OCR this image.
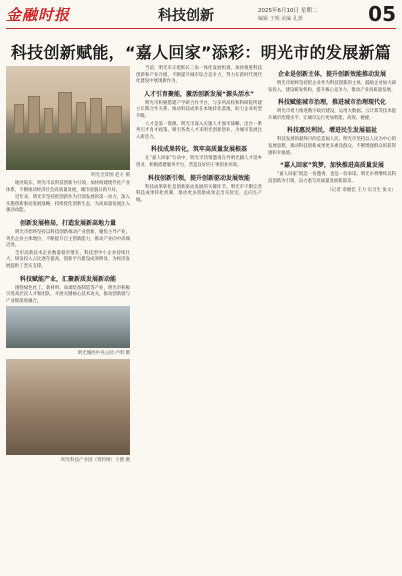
金融时报	科技创新	2025年6月10日 星期二
编辑 王明 美编 孔蕾	05
科技创新赋能，“嘉人回家”添彩：明光市的发展新篇
明光全景图 赵方 摄

地处皖东，明光市以科技创新为引领，加快构建现代化产业体系，不断推动经济社会高质量发展，城市面貌日新月异。

近年来，明光市坚持把创新作为引领发展的第一动力，深入实施创新驱动发展战略，持续优化创新生态，为高质量发展注入强劲动能。

创新发展格局，打造发展新高地力量

明光市始终坚持以科技创新推动产业创新，聚焦主导产业，突出企业主体地位，不断提升自主创新能力，推动产业向中高端迈进。

全市高新技术企业数量稳步增长，科技型中小企业持续壮大，研发投入占比逐年提高，创新平台建设成效明显，为经济发展提供了坚实支撑。

科技赋能产业，汇聚新质发展新动能

围绕绿色化工、新材料、高端装备制造等产业，明光市积极引进高层次人才和团队，开展关键核心技术攻关，推动创新链与产业链深度融合。

明光城西中央公园 卢明 摄
明光科技产业园（资料图）王德 摄

当前，明光市正抢抓长三角一体化发展机遇，加快推进科技创新和产业升级，不断提升城市综合竞争力，努力在新时代现代化建设中展现新作为。

人才引育聚能，激活创新发展“源头活水”

明光市积极搭建产学研合作平台，与多所高校和科研院所建立长期合作关系，推动科技成果在本地转化落地，助力企业转型升级。

人才是第一资源。明光市深入实施人才强市战略，出台一系列引才育才政策，吸引各类人才来明光创新创业，为城市发展注入新活力。

科技成果转化，筑牢高质量发展根基

在“嘉人回家”行动中，明光市热情邀请在外明光籍人才返乡创业，积极搭建服务平台，营造良好的干事创业环境。

科技创新引领，提升创新驱动发展效能

科技成果转化是创新驱动发展的关键环节。明光市不断完善科技成果转化机制，推动更多创新成果走出实验室、走向生产线。

企业是创新主体，提升创新效能推动发展

明光市始终坚持把企业作为科技创新的主体，鼓励企业加大研发投入，建设研发机构，提升核心竞争力，推动产业高质量发展。

科技赋能城市治理，推进城市治理现代化

明光市着力推进数字政府建设，运用大数据、云计算等技术提升城市治理水平，让城市运行更加智能、高效、便捷。

科技惠民利民，增进民生发展福祉

科技发展的最终目的是造福人民。明光市坚持以人民为中心的发展思想，推动科技创新成果更多惠及群众，不断增强群众的获得感和幸福感。

“嘉人回家”筑梦，加快推进高质量发展

“嘉人回家”既是一份邀请，也是一份承诺。明光市将继续以科技创新为引领，奋力谱写高质量发展新篇章。

（记者 余德佳 王力 实习生 张文）
